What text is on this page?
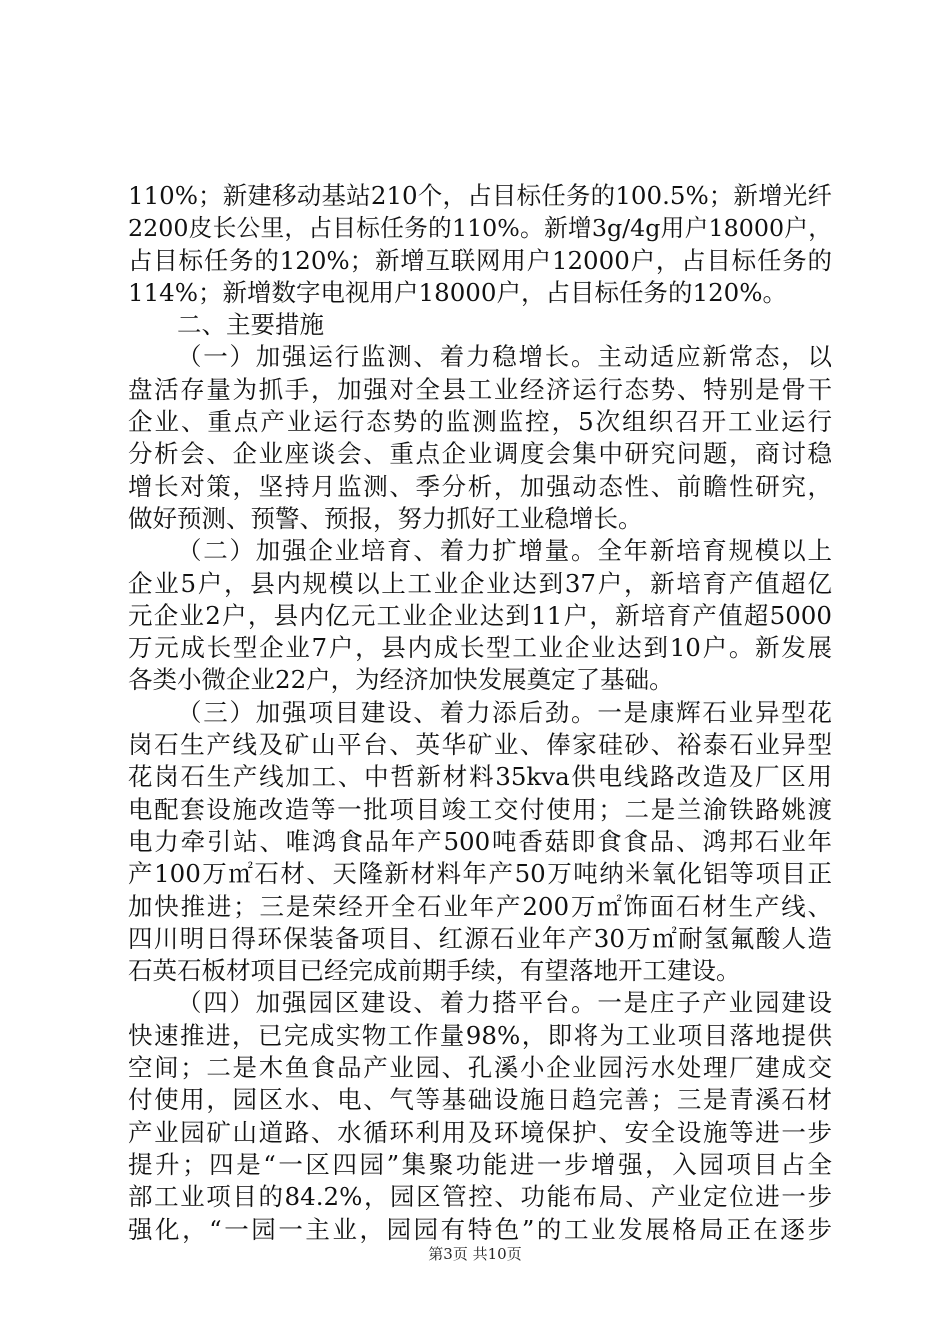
110%；新建移动基站210个，占目标任务的100.5%；新增光纤
2200皮长公里，占目标任务的110%。新增3g/4g用户18000户，
占目标任务的120%；新增互联网用户12000户，占目标任务的
114%；新增数字电视用户18000户，占目标任务的120%。
二、主要措施
（一）加强运行监测、着力稳增长。主动适应新常态，以
盘活存量为抓手，加强对全县工业经济运行态势、特别是骨干
企业、重点产业运行态势的监测监控，5次组织召开工业运行
分析会、企业座谈会、重点企业调度会集中研究问题，商讨稳
增长对策，坚持月监测、季分析，加强动态性、前瞻性研究，
做好预测、预警、预报，努力抓好工业稳增长。
（二）加强企业培育、着力扩增量。全年新培育规模以上
企业5户，县内规模以上工业企业达到37户，新培育产值超亿
元企业2户，县内亿元工业企业达到11户，新培育产值超5000
万元成长型企业7户，县内成长型工业企业达到10户。新发展
各类小微企业22户，为经济加快发展奠定了基础。
（三）加强项目建设、着力添后劲。一是康辉石业异型花
岗石生产线及矿山平台、英华矿业、俸家硅砂、裕泰石业异型
花岗石生产线加工、中哲新材料35kva供电线路改造及厂区用
电配套设施改造等一批项目竣工交付使用；二是兰渝铁路姚渡
电力牵引站、唯鸿食品年产500吨香菇即食食品、鸿邦石业年
产100万㎡石材、天隆新材料年产50万吨纳米氧化铝等项目正
加快推进；三是荣经开全石业年产200万㎡饰面石材生产线、
四川明日得环保装备项目、红源石业年产30万㎡耐氢氟酸人造
石英石板材项目已经完成前期手续，有望落地开工建设。
（四）加强园区建设、着力搭平台。一是庄子产业园建设
快速推进，已完成实物工作量98%，即将为工业项目落地提供
空间；二是木鱼食品产业园、孔溪小企业园污水处理厂建成交
付使用，园区水、电、气等基础设施日趋完善；三是青溪石材
产业园矿山道路、水循环利用及环境保护、安全设施等进一步
提升；四是“一区四园”集聚功能进一步增强，入园项目占全
部工业项目的84.2%，园区管控、功能布局、产业定位进一步
强化，“一园一主业，园园有特色”的工业发展格局正在逐步
第3页 共10页
